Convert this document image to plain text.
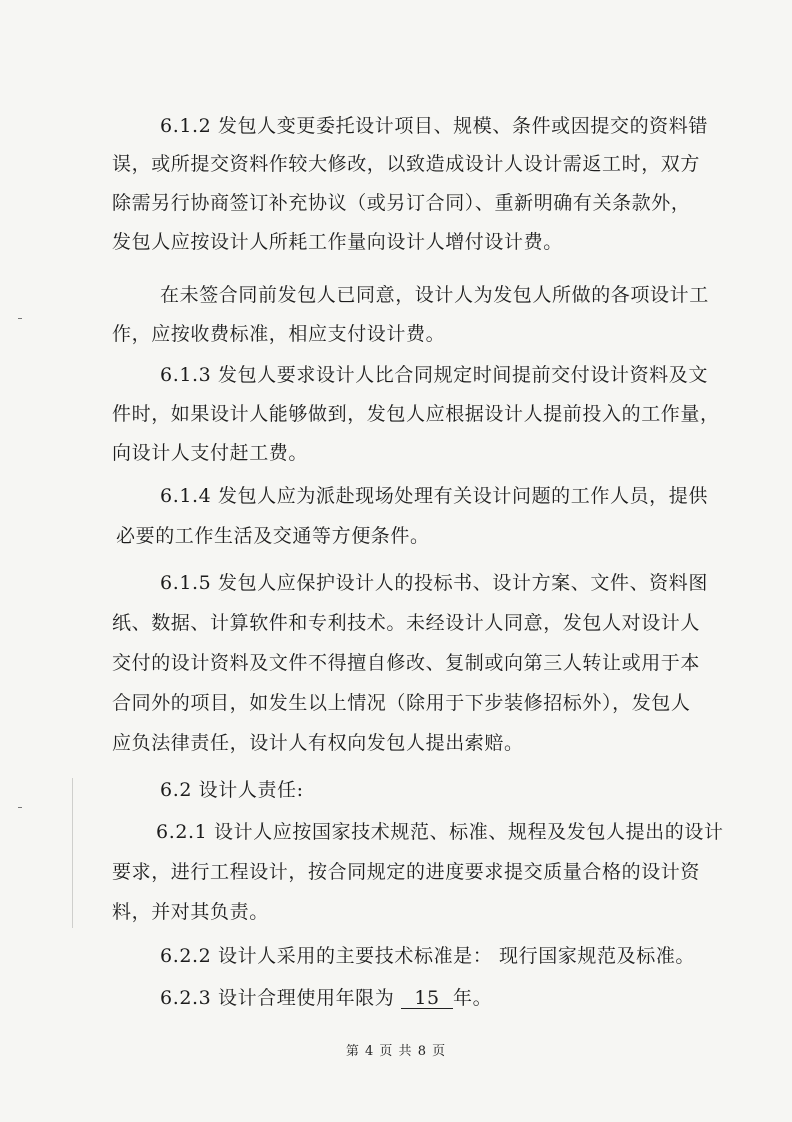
6.1.2 发包人变更委托设计项目、规模、条件或因提交的资料错
误，或所提交资料作较大修改，以致造成设计人设计需返工时，双方
除需另行协商签订补充协议（或另订合同）、重新明确有关条款外，
发包人应按设计人所耗工作量向设计人增付设计费。
在未签合同前发包人已同意，设计人为发包人所做的各项设计工
作，应按收费标准，相应支付设计费。
6.1.3 发包人要求设计人比合同规定时间提前交付设计资料及文
件时，如果设计人能够做到，发包人应根据设计人提前投入的工作量，
向设计人支付赶工费。
6.1.4 发包人应为派赴现场处理有关设计问题的工作人员，提供
必要的工作生活及交通等方便条件。
6.1.5 发包人应保护设计人的投标书、设计方案、文件、资料图
纸、数据、计算软件和专利技术。未经设计人同意，发包人对设计人
交付的设计资料及文件不得擅自修改、复制或向第三人转让或用于本
合同外的项目，如发生以上情况（除用于下步装修招标外），发包人
应负法律责任，设计人有权向发包人提出索赔。
6.2 设计人责任:
6.2.1 设计人应按国家技术规范、标准、规程及发包人提出的设计
要求，进行工程设计，按合同规定的进度要求提交质量合格的设计资
料，并对其负责。
6.2.2 设计人采用的主要技术标准是： 现行国家规范及标准。
6.2.3 设计合理使用年限为 15 年。
第 4 页 共 8 页
